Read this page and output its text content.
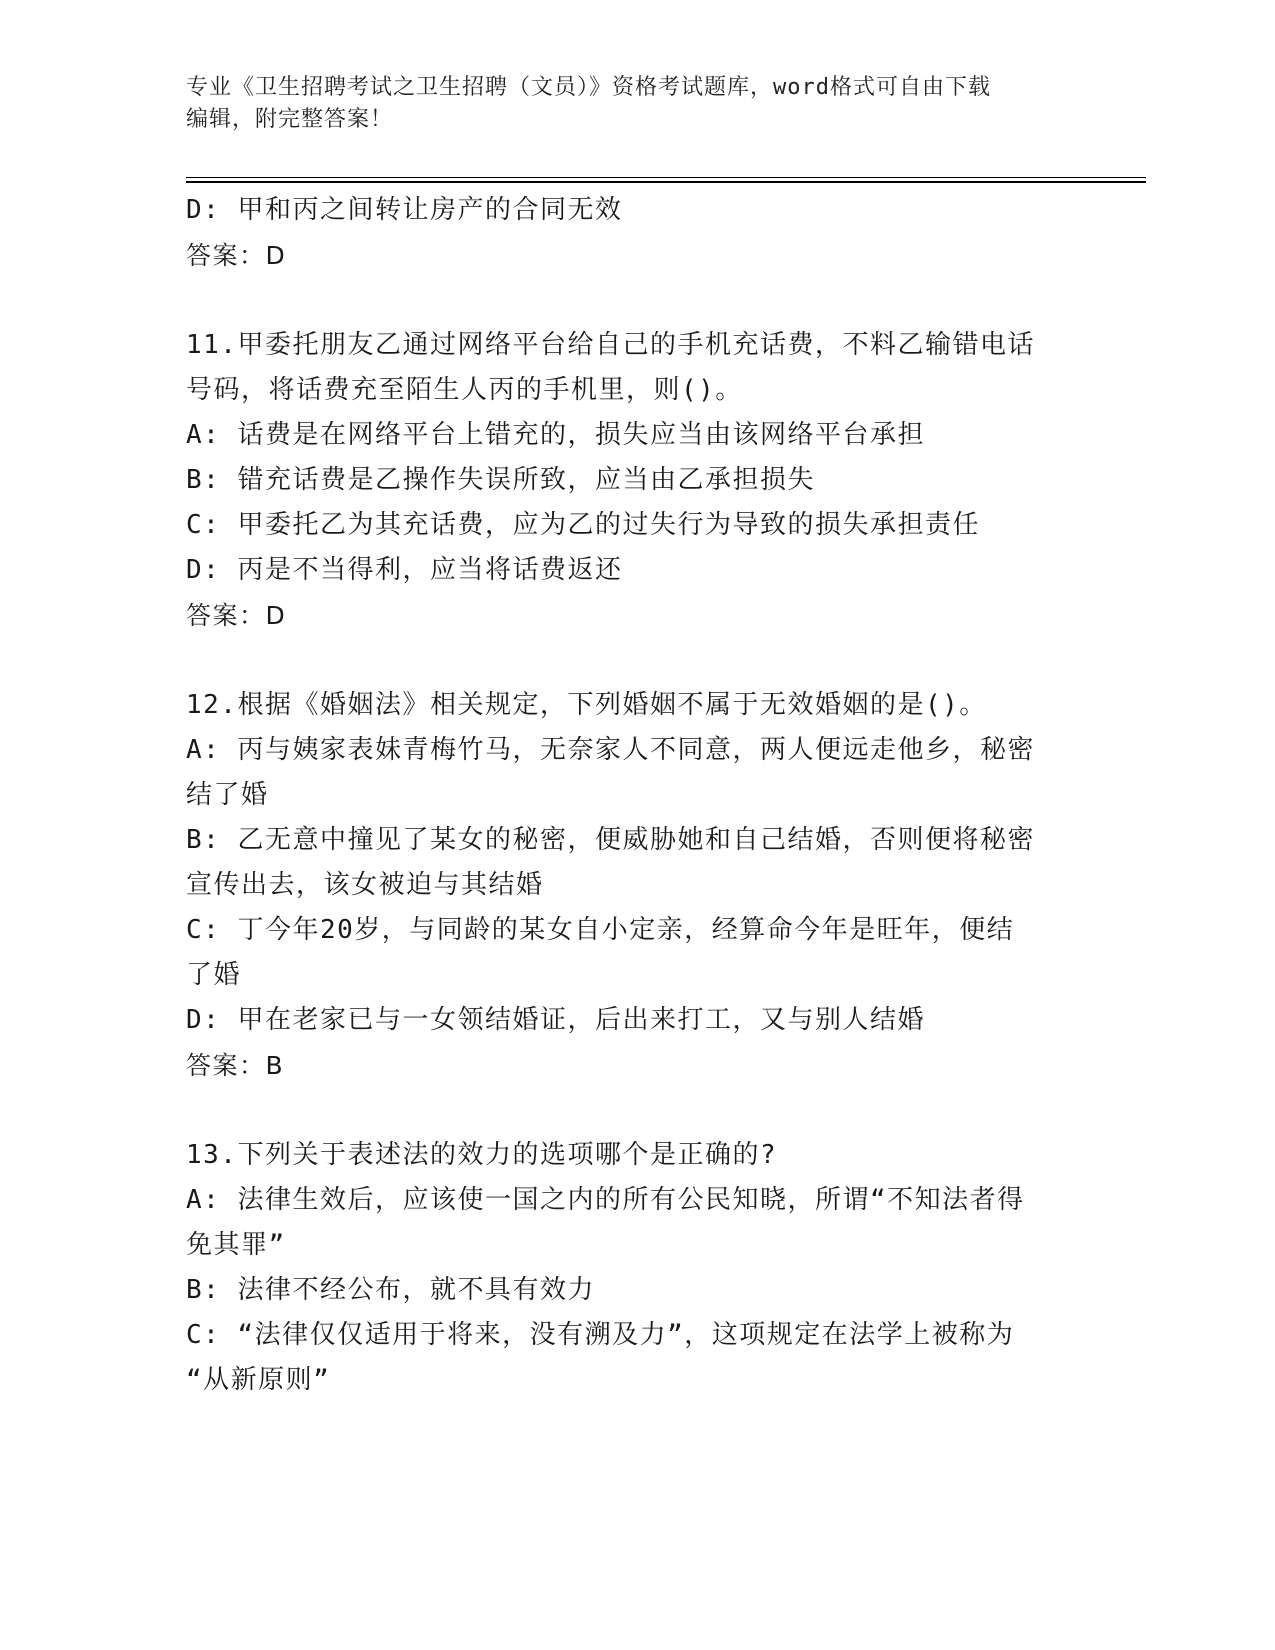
专业《卫生招聘考试之卫生招聘（文员）》资格考试题库，word格式可自由下载
编辑，附完整答案！
D: 甲和丙之间转让房产的合同无效
答案：D
11.甲委托朋友乙通过网络平台给自己的手机充话费，不料乙输错电话
号码，将话费充至陌生人丙的手机里，则()。
A: 话费是在网络平台上错充的，损失应当由该网络平台承担
B: 错充话费是乙操作失误所致，应当由乙承担损失
C: 甲委托乙为其充话费，应为乙的过失行为导致的损失承担责任
D: 丙是不当得利，应当将话费返还
答案：D
12.根据《婚姻法》相关规定，下列婚姻不属于无效婚姻的是()。
A: 丙与姨家表妹青梅竹马，无奈家人不同意，两人便远走他乡，秘密
结了婚
B: 乙无意中撞见了某女的秘密，便威胁她和自己结婚，否则便将秘密
宣传出去，该女被迫与其结婚
C: 丁今年20岁，与同龄的某女自小定亲，经算命今年是旺年，便结
了婚
D: 甲在老家已与一女领结婚证，后出来打工，又与别人结婚
答案：B
13.下列关于表述法的效力的选项哪个是正确的?
A: 法律生效后，应该使一国之内的所有公民知晓，所谓“不知法者得
免其罪”
B: 法律不经公布，就不具有效力
C: “法律仅仅适用于将来，没有溯及力”，这项规定在法学上被称为
“从新原则”
